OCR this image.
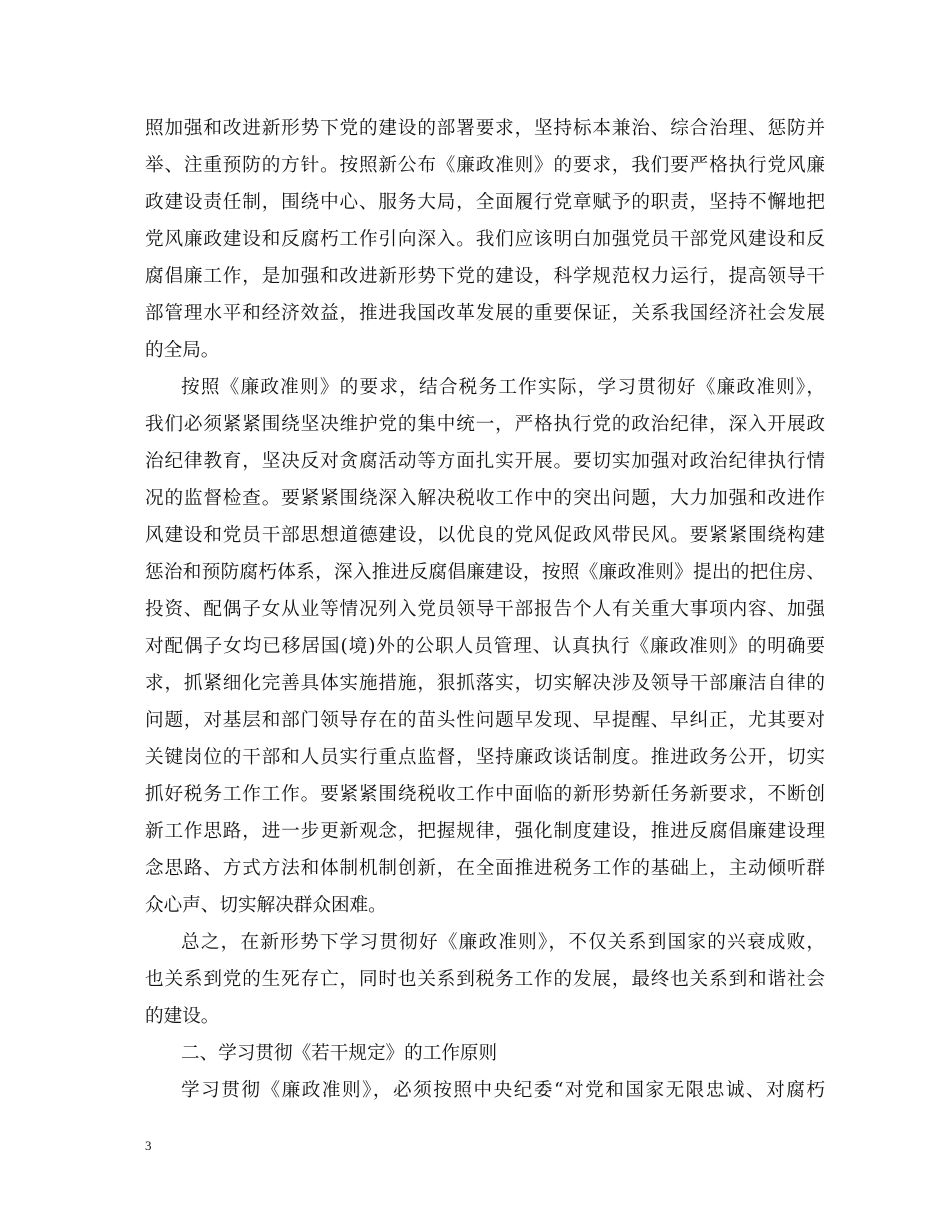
照加强和改进新形势下党的建设的部署要求，坚持标本兼治、综合治理、惩防并
举、注重预防的方针。按照新公布《廉政准则》的要求，我们要严格执行党风廉
政建设责任制，围绕中心、服务大局，全面履行党章赋予的职责，坚持不懈地把
党风廉政建设和反腐朽工作引向深入。我们应该明白加强党员干部党风建设和反
腐倡廉工作，是加强和改进新形势下党的建设，科学规范权力运行，提高领导干
部管理水平和经济效益，推进我国改革发展的重要保证，关系我国经济社会发展
的全局。
按照《廉政准则》的要求，结合税务工作实际，学习贯彻好《廉政准则》，
我们必须紧紧围绕坚决维护党的集中统一，严格执行党的政治纪律，深入开展政
治纪律教育，坚决反对贪腐活动等方面扎实开展。要切实加强对政治纪律执行情
况的监督检查。要紧紧围绕深入解决税收工作中的突出问题，大力加强和改进作
风建设和党员干部思想道德建设，以优良的党风促政风带民风。要紧紧围绕构建
惩治和预防腐朽体系，深入推进反腐倡廉建设，按照《廉政准则》提出的把住房、
投资、配偶子女从业等情况列入党员领导干部报告个人有关重大事项内容、加强
对配偶子女均已移居国(境)外的公职人员管理、认真执行《廉政准则》的明确要
求，抓紧细化完善具体实施措施，狠抓落实，切实解决涉及领导干部廉洁自律的
问题，对基层和部门领导存在的苗头性问题早发现、早提醒、早纠正，尤其要对
关键岗位的干部和人员实行重点监督，坚持廉政谈话制度。推进政务公开，切实
抓好税务工作工作。要紧紧围绕税收工作中面临的新形势新任务新要求，不断创
新工作思路，进一步更新观念，把握规律，强化制度建设，推进反腐倡廉建设理
念思路、方式方法和体制机制创新，在全面推进税务工作的基础上，主动倾听群
众心声、切实解决群众困难。
总之，在新形势下学习贯彻好《廉政准则》，不仅关系到国家的兴衰成败，
也关系到党的生死存亡，同时也关系到税务工作的发展，最终也关系到和谐社会
的建设。
二、学习贯彻《若干规定》的工作原则
学习贯彻《廉政准则》，必须按照中央纪委“对党和国家无限忠诚、对腐朽
3
